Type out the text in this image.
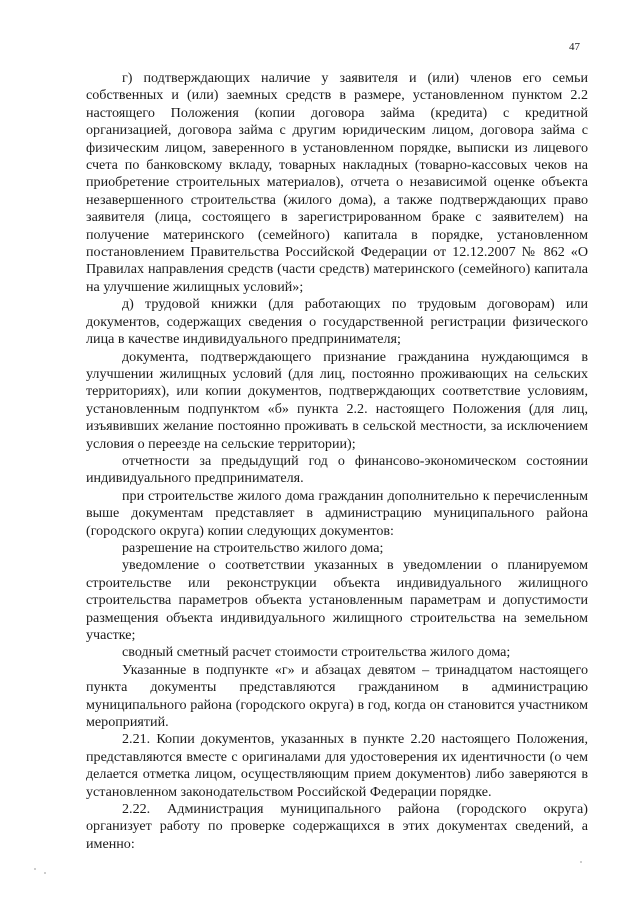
47

г) подтверждающих наличие у заявителя и (или) членов его семьи собственных и (или) заемных средств в размере, установленном пунктом 2.2 настоящего Положения (копии договора займа (кредита) с кредитной организацией, договора займа с другим юридическим лицом, договора займа с физическим лицом, заверенного в установленном порядке, выписки из лицевого счета по банковскому вкладу, товарных накладных (товарно-кассовых чеков на приобретение строительных материалов), отчета о независимой оценке объекта незавершенного строительства (жилого дома), а также подтверждающих право заявителя (лица, состоящего в зарегистрированном браке с заявителем) на получение материнского (семейного) капитала в порядке, установленном постановлением Правительства Российской Федерации от 12.12.2007 № 862 «О Правилах направления средств (части средств) материнского (семейного) капитала на улучшение жилищных условий»;

д) трудовой книжки (для работающих по трудовым договорам) или документов, содержащих сведения о государственной регистрации физического лица в качестве индивидуального предпринимателя;

документа, подтверждающего признание гражданина нуждающимся в улучшении жилищных условий (для лиц, постоянно проживающих на сельских территориях), или копии документов, подтверждающих соответствие условиям, установленным подпунктом «б» пункта 2.2. настоящего Положения (для лиц, изъявивших желание постоянно проживать в сельской местности, за исключением условия о переезде на сельские территории);

отчетности за предыдущий год о финансово-экономическом состоянии индивидуального предпринимателя.

при строительстве жилого дома гражданин дополнительно к перечисленным выше документам представляет в администрацию муниципального района (городского округа) копии следующих документов:

разрешение на строительство жилого дома;

уведомление о соответствии указанных в уведомлении о планируемом строительстве или реконструкции объекта индивидуального жилищного строительства параметров объекта установленным параметрам и допустимости размещения объекта индивидуального жилищного строительства на земельном участке;

сводный сметный расчет стоимости строительства жилого дома;

Указанные в подпункте «г» и абзацах девятом – тринадцатом настоящего пункта документы представляются гражданином в администрацию муниципального района (городского округа) в год, когда он становится участником мероприятий.

2.21. Копии документов, указанных в пункте 2.20 настоящего Положения, представляются вместе с оригиналами для удостоверения их идентичности (о чем делается отметка лицом, осуществляющим прием документов) либо заверяются в установленном законодательством Российской Федерации порядке.

2.22. Администрация муниципального района (городского округа) организует работу по проверке содержащихся в этих документах сведений, а именно:
